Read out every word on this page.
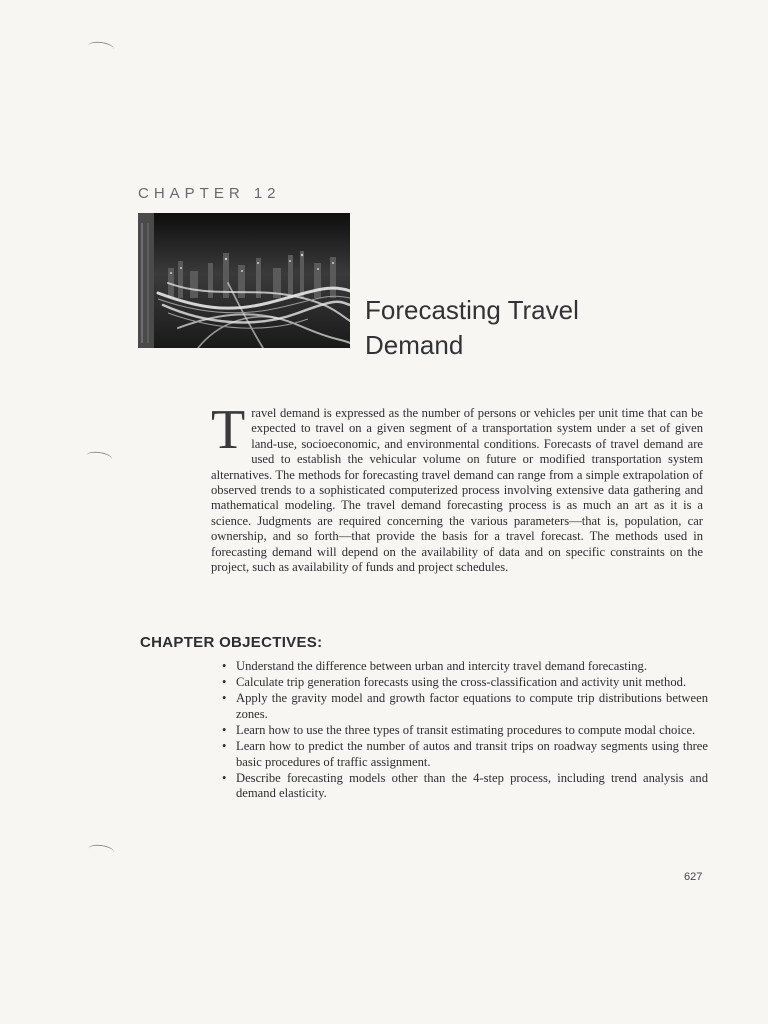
CHAPTER 12
Forecasting Travel
Demand

Travel demand is expressed as the number of persons or vehicles per unit time that can be expected to travel on a given segment of a transportation system under a set of given land-use, socioeconomic, and environmental conditions. Forecasts of travel demand are used to establish the vehicular volume on future or modified transportation system alternatives. The methods for forecasting travel demand can range from a simple extrapolation of observed trends to a sophisticated computerized process involving extensive data gathering and mathematical modeling. The travel demand forecasting process is as much an art as it is a science. Judgments are required concerning the various parameters—that is, population, car ownership, and so forth—that provide the basis for a travel forecast. The methods used in forecasting demand will depend on the availability of data and on specific constraints on the project, such as availability of funds and project schedules.

CHAPTER OBJECTIVES:
• Understand the difference between urban and intercity travel demand forecasting.
• Calculate trip generation forecasts using the cross-classification and activity unit method.
• Apply the gravity model and growth factor equations to compute trip distributions between zones.
• Learn how to use the three types of transit estimating procedures to compute modal choice.
• Learn how to predict the number of autos and transit trips on roadway segments using three basic procedures of traffic assignment.
• Describe forecasting models other than the 4-step process, including trend analysis and demand elasticity.
627
